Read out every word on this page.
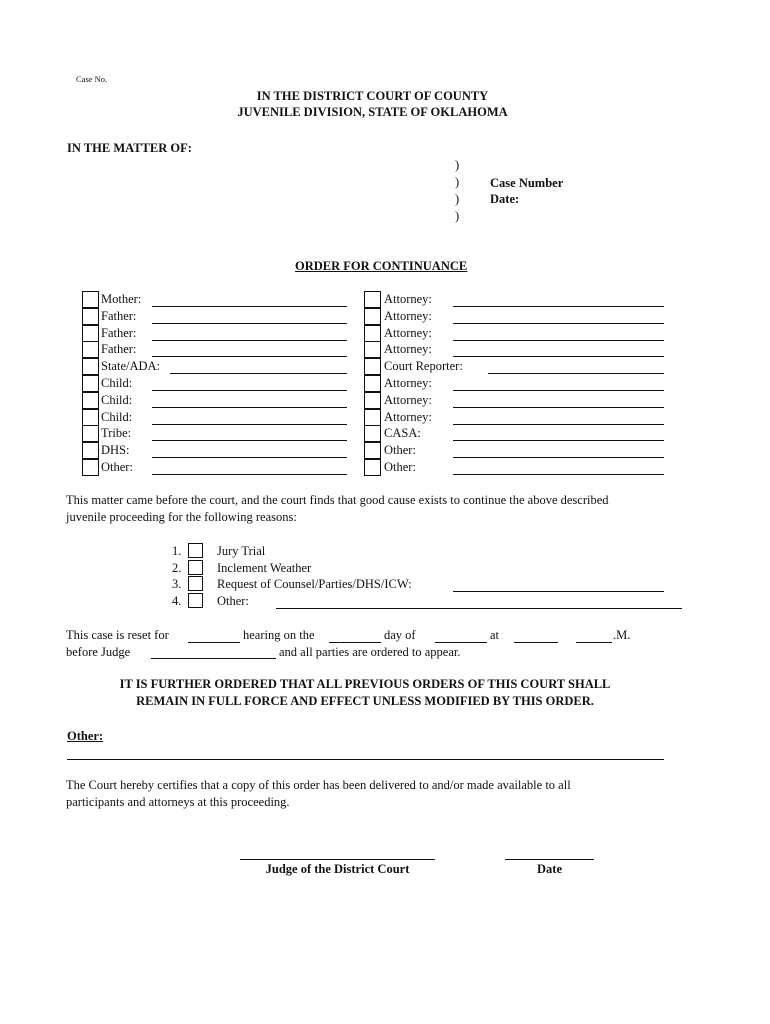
Case No.
IN THE DISTRICT COURT OF COUNTY
JUVENILE DIVISION, STATE OF OKLAHOMA
IN THE MATTER OF:
)
)
)
)
Case Number
Date:
ORDER FOR CONTINUANCE
Mother:
Father:
Father:
Father:
State/ADA:
Child:
Child:
Child:
Tribe:
DHS:
Other:
Attorney:
Attorney:
Attorney:
Attorney:
Court Reporter:
Attorney:
Attorney:
Attorney:
CASA:
Other:
Other:
This matter came before the court, and the court finds that good cause exists to continue the above described
juvenile proceeding for the following reasons:
1.	Jury Trial
2.	Inclement Weather
3.	Request of Counsel/Parties/DHS/ICW:
4.	Other:
This case is reset for	hearing on the	day of	at	.M.
before Judge	and all parties are ordered to appear.
IT IS FURTHER ORDERED THAT ALL PREVIOUS ORDERS OF THIS COURT SHALL
REMAIN IN FULL FORCE AND EFFECT UNLESS MODIFIED BY THIS ORDER.
Other:
The Court hereby certifies that a copy of this order has been delivered to and/or made available to all
participants and attorneys at this proceeding.
Judge of the District Court	Date
